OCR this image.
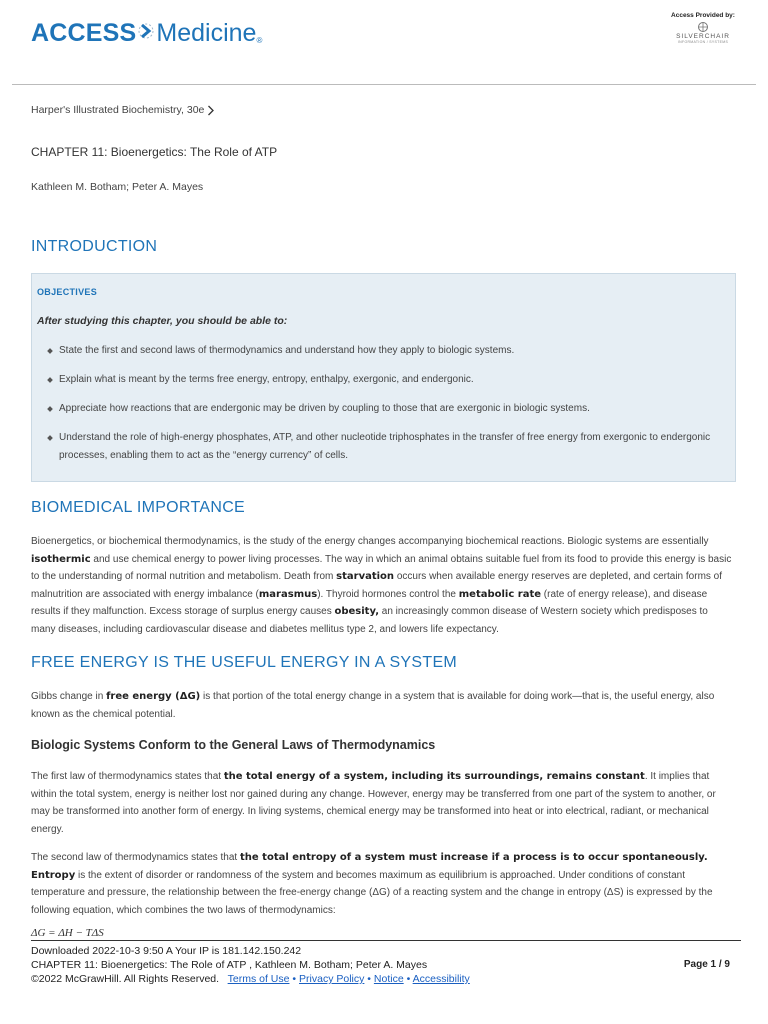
ACCESS Medicine ®
Access Provided by:
SILVERCHAIR
INFORMATION / SYSTEMS
Harper's Illustrated Biochemistry, 30e
CHAPTER 11: Bioenergetics: The Role of ATP
Kathleen M. Botham; Peter A. Mayes
INTRODUCTION
OBJECTIVES
After studying this chapter, you should be able to:
State the first and second laws of thermodynamics and understand how they apply to biologic systems.
Explain what is meant by the terms free energy, entropy, enthalpy, exergonic, and endergonic.
Appreciate how reactions that are endergonic may be driven by coupling to those that are exergonic in biologic systems.
Understand the role of high-energy phosphates, ATP, and other nucleotide triphosphates in the transfer of free energy from exergonic to endergonic processes, enabling them to act as the “energy currency” of cells.
BIOMEDICAL IMPORTANCE

Bioenergetics, or biochemical thermodynamics, is the study of the energy changes accompanying biochemical reactions. Biologic systems are essentially isothermic and use chemical energy to power living processes. The way in which an animal obtains suitable fuel from its food to provide this energy is basic to the understanding of normal nutrition and metabolism. Death from starvation occurs when available energy reserves are depleted, and certain forms of malnutrition are associated with energy imbalance (marasmus). Thyroid hormones control the metabolic rate (rate of energy release), and disease results if they malfunction. Excess storage of surplus energy causes obesity, an increasingly common disease of Western society which predisposes to many diseases, including cardiovascular disease and diabetes mellitus type 2, and lowers life expectancy.

FREE ENERGY IS THE USEFUL ENERGY IN A SYSTEM

Gibbs change in free energy (ΔG) is that portion of the total energy change in a system that is available for doing work—that is, the useful energy, also known as the chemical potential.

Biologic Systems Conform to the General Laws of Thermodynamics

The first law of thermodynamics states that the total energy of a system, including its surroundings, remains constant. It implies that within the total system, energy is neither lost nor gained during any change. However, energy may be transferred from one part of the system to another, or may be transformed into another form of energy. In living systems, chemical energy may be transformed into heat or into electrical, radiant, or mechanical energy.

The second law of thermodynamics states that the total entropy of a system must increase if a process is to occur spontaneously. Entropy is the extent of disorder or randomness of the system and becomes maximum as equilibrium is approached. Under conditions of constant temperature and pressure, the relationship between the free-energy change (ΔG) of a reacting system and the change in entropy (ΔS) is expressed by the following equation, which combines the two laws of thermodynamics:

ΔG = ΔH − TΔS
Downloaded 2022-10-3 9:50 A Your IP is 181.142.150.242
CHAPTER 11: Bioenergetics: The Role of ATP , Kathleen M. Botham; Peter A. Mayes
©2022 McGrawHill. All Rights Reserved. Terms of Use • Privacy Policy • Notice • Accessibility
Page 1 / 9
